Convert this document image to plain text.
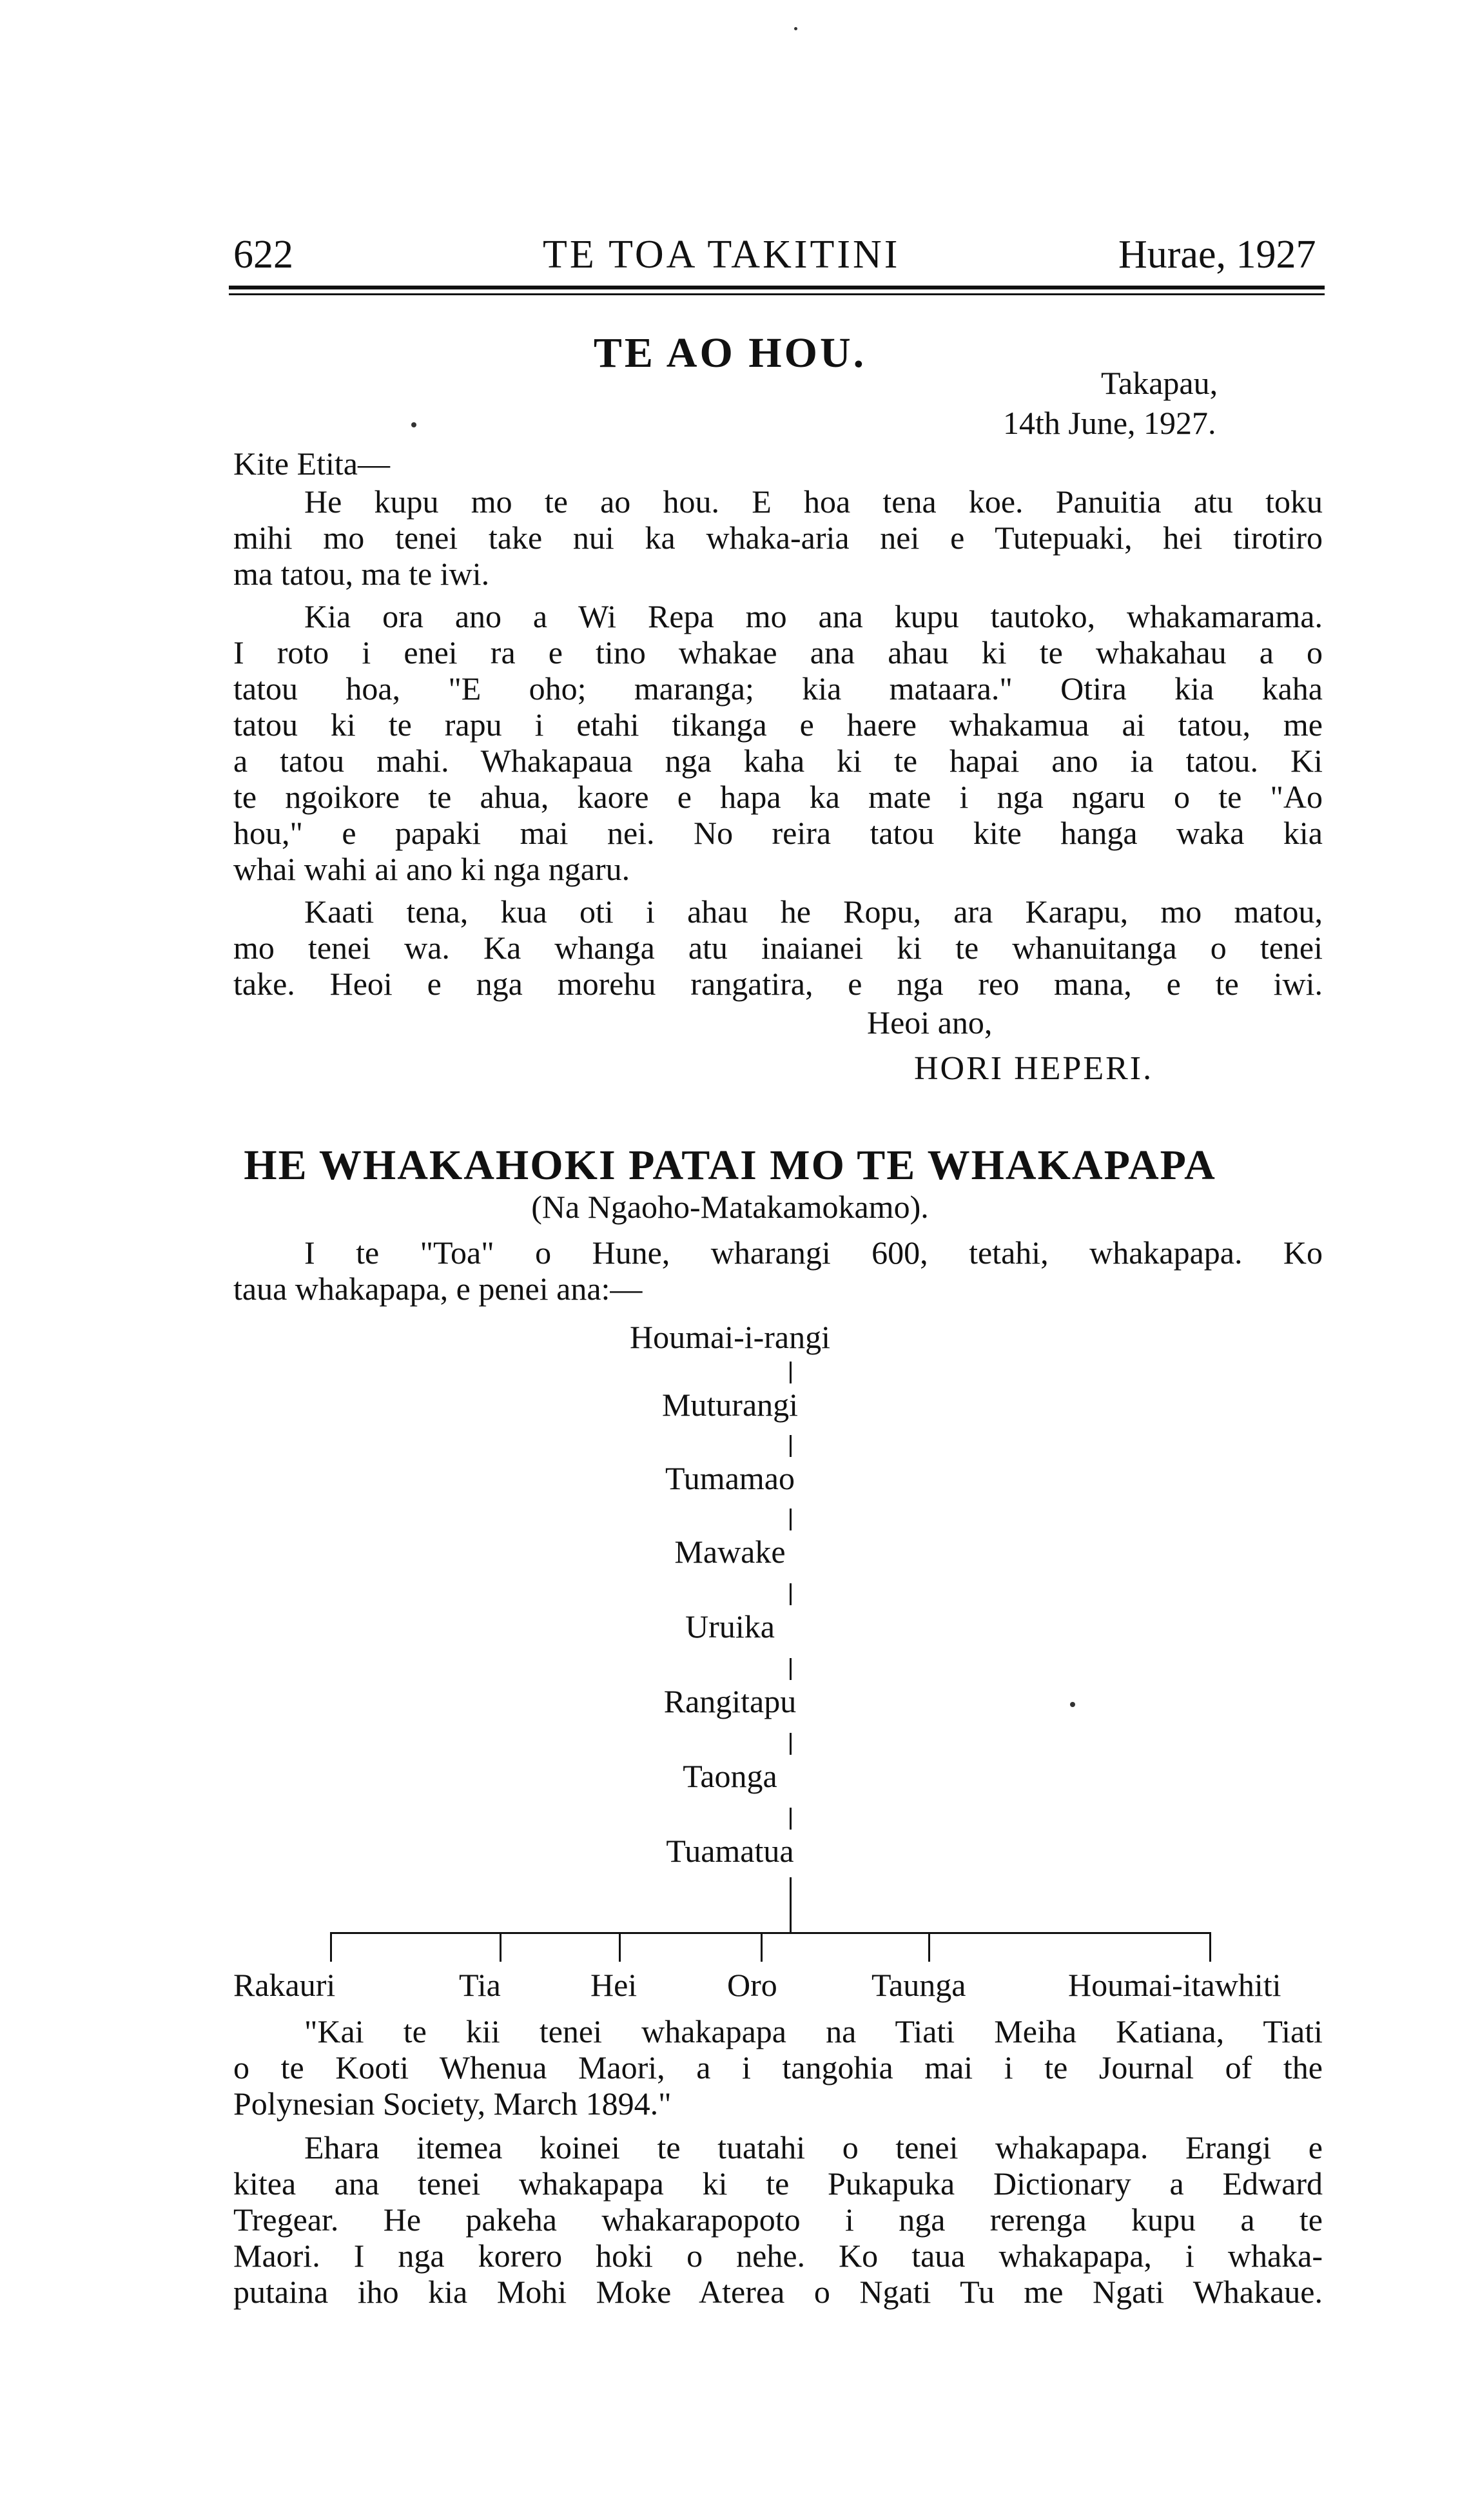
622	TE TOA TAKITINI	Hurae, 1927
TE AO HOU.
Takapau,
14th June, 1927.
Kite Etita—
He kupu mo te ao hou. E hoa tena koe. Panuitia atu toku
mihi mo tenei take nui ka whaka-aria nei e Tutepuaki, hei tirotiro
ma tatou, ma te iwi.
Kia ora ano a Wi Repa mo ana kupu tautoko, whakamarama.
I roto i enei ra e tino whakae ana ahau ki te whakahau a o
tatou hoa, "E oho; maranga; kia mataara." Otira kia kaha
tatou ki te rapu i etahi tikanga e haere whakamua ai tatou, me
a tatou mahi. Whakapaua nga kaha ki te hapai ano ia tatou. Ki
te ngoikore te ahua, kaore e hapa ka mate i nga ngaru o te "Ao
hou," e papaki mai nei. No reira tatou kite hanga waka kia
whai wahi ai ano ki nga ngaru.
Kaati tena, kua oti i ahau he Ropu, ara Karapu, mo matou,
mo tenei wa. Ka whanga atu inaianei ki te whanuitanga o tenei
take. Heoi e nga morehu rangatira, e nga reo mana, e te iwi.
Heoi ano,
HORI HEPERI.
HE WHAKAHOKI PATAI MO TE WHAKAPAPA
(Na Ngaoho-Matakamokamo).
I te "Toa" o Hune, wharangi 600, tetahi, whakapapa. Ko
taua whakapapa, e penei ana:—
Houmai-i-rangi
Muturangi
Tumamao
Mawake
Uruika
Rangitapu
Taonga
Tuamatua
Rakauri	Tia	Hei	Oro	Taunga	Houmai-itawhiti
"Kai te kii tenei whakapapa na Tiati Meiha Katiana, Tiati
o te Kooti Whenua Maori, a i tangohia mai i te Journal of the
Polynesian Society, March 1894."
Ehara itemea koinei te tuatahi o tenei whakapapa. Erangi e
kitea ana tenei whakapapa ki te Pukapuka Dictionary a Edward
Tregear. He pakeha whakarapopoto i nga rerenga kupu a te
Maori. I nga korero hoki o nehe. Ko taua whakapapa, i whaka-
putaina iho kia Mohi Moke Aterea o Ngati Tu me Ngati Whakaue.
